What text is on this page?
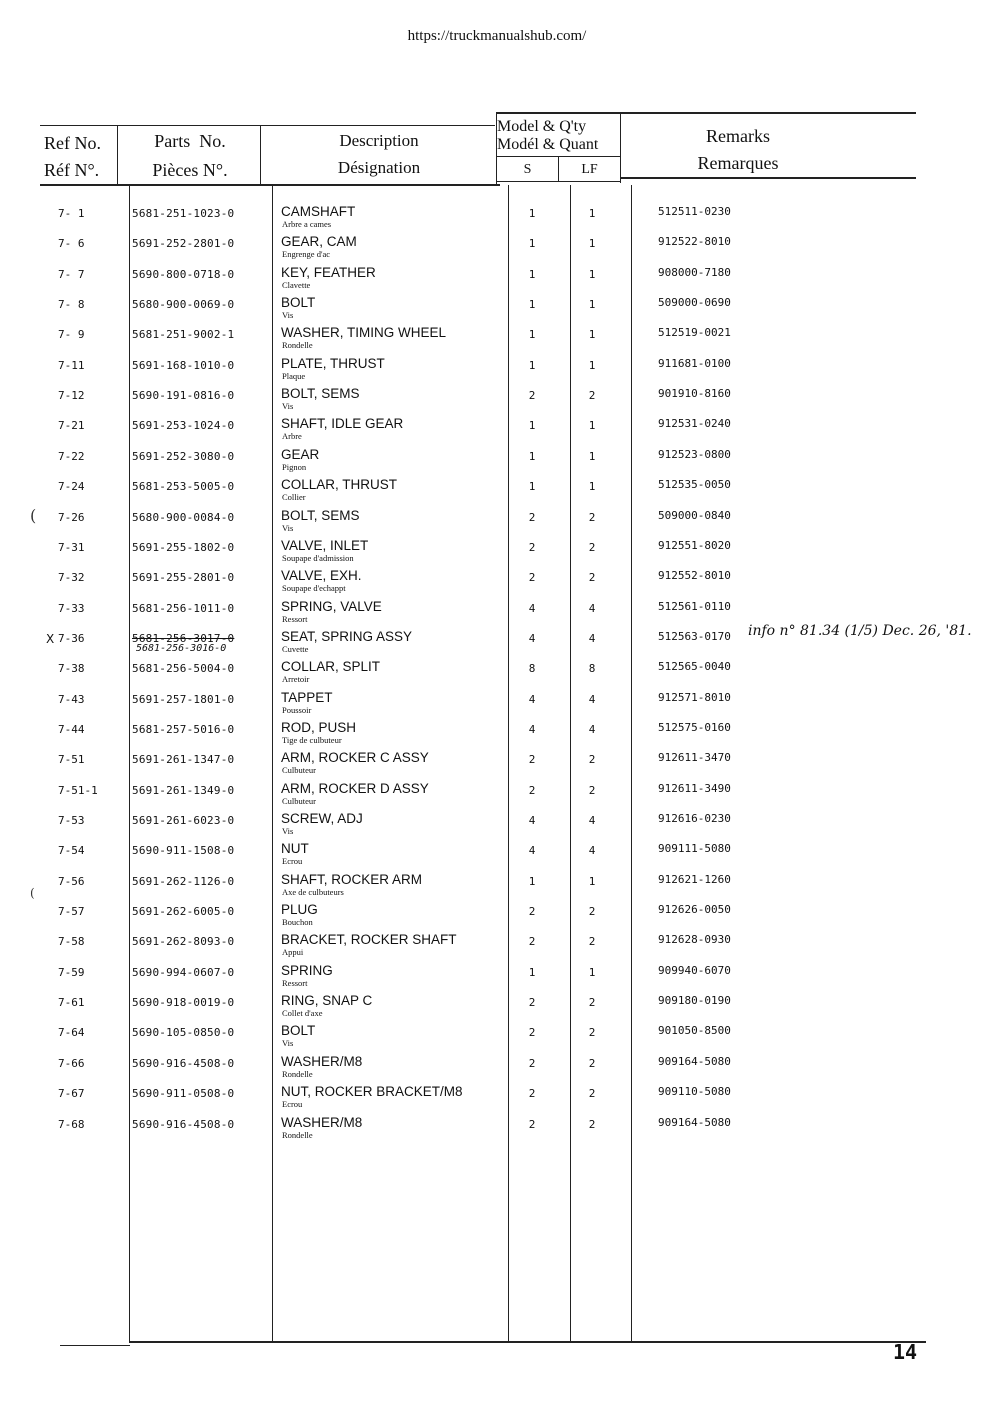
https://truckmanualshub.com/
Ref No.
Réf N°.
Parts  No.
Pièces N°.
Description
Désignation
Model & Q'ty
Modél & Quant
S	LF
Remarks
Remarques
7- 1	5681-251-1023-0	CAMSHAFT
Arbre a cames
1	1	512511-0230
7- 6	5691-252-2801-0	GEAR, CAM
Engrenge d'ac
1	1	912522-8010
7- 7	5690-800-0718-0	KEY, FEATHER
Clavette
1	1	908000-7180
7- 8	5680-900-0069-0	BOLT
Vis
1	1	509000-0690
7- 9	5681-251-9002-1	WASHER, TIMING WHEEL
Rondelle
1	1	512519-0021
7-11	5691-168-1010-0	PLATE, THRUST
Plaque
1	1	911681-0100
7-12	5690-191-0816-0	BOLT, SEMS
Vis
2	2	901910-8160
7-21	5691-253-1024-0	SHAFT, IDLE GEAR
Arbre
1	1	912531-0240
7-22	5691-252-3080-0	GEAR
Pignon
1	1	912523-0800
7-24	5681-253-5005-0	COLLAR, THRUST
Collier
1	1	512535-0050
7-26	5680-900-0084-0	BOLT, SEMS
Vis
2	2	509000-0840
7-31	5691-255-1802-0	VALVE, INLET
Soupape d'admission
2	2	912551-8020
7-32	5691-255-2801-0	VALVE, EXH.
Soupape d'echappt
2	2	912552-8010
7-33	5681-256-1011-0	SPRING, VALVE
Ressort
4	4	512561-0110
X 7-36	5681-256-3017-0
5681-256-3016-0
SEAT, SPRING ASSY
Cuvette
4	4	512563-0170	info n° 81.34 (1/5) Dec. 26, '81.
7-38	5681-256-5004-0	COLLAR, SPLIT
Arretoir
8	8	512565-0040
7-43	5691-257-1801-0	TAPPET
Poussoir
4	4	912571-8010
7-44	5681-257-5016-0	ROD, PUSH
Tige de culbuteur
4	4	512575-0160
7-51	5691-261-1347-0	ARM, ROCKER C ASSY
Culbuteur
2	2	912611-3470
7-51-1	5691-261-1349-0	ARM, ROCKER D ASSY
Culbuteur
2	2	912611-3490
7-53	5691-261-6023-0	SCREW, ADJ
Vis
4	4	912616-0230
7-54	5690-911-1508-0	NUT
Ecrou
4	4	909111-5080
7-56	5691-262-1126-0	SHAFT, ROCKER ARM
Axe de culbuteurs
1	1	912621-1260
7-57	5691-262-6005-0	PLUG
Bouchon
2	2	912626-0050
7-58	5691-262-8093-0	BRACKET, ROCKER SHAFT
Appui
2	2	912628-0930
7-59	5690-994-0607-0	SPRING
Ressort
1	1	909940-6070
7-61	5690-918-0019-0	RING, SNAP C
Collet d'axe
2	2	909180-0190
7-64	5690-105-0850-0	BOLT
Vis
2	2	901050-8500
7-66	5690-916-4508-0	WASHER/M8
Rondelle
2	2	909164-5080
7-67	5690-911-0508-0	NUT, ROCKER BRACKET/M8
Ecrou
2	2	909110-5080
7-68	5690-916-4508-0	WASHER/M8
Rondelle
2	2	909164-5080
(
(
14
